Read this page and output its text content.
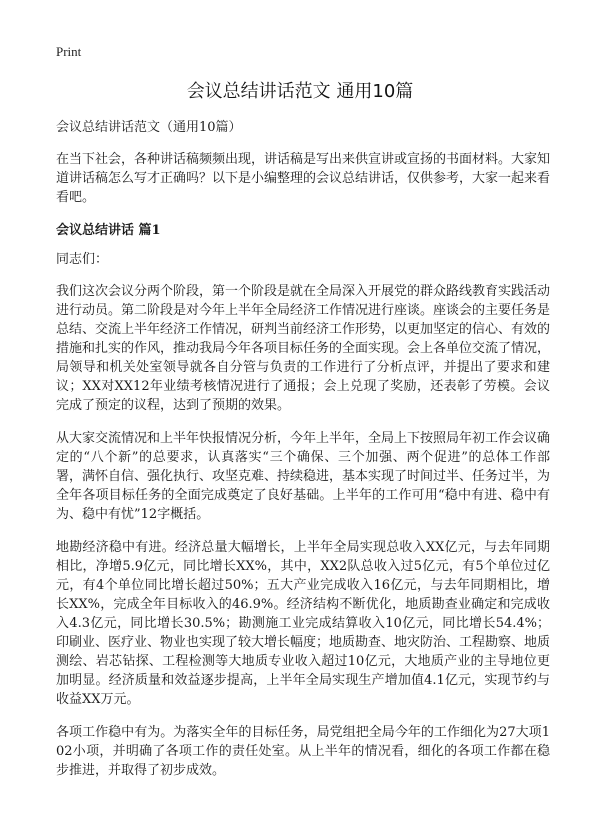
Print
会议总结讲话范文 通用10篇

会议总结讲话范文（通用10篇）

在当下社会，各种讲话稿频频出现，讲话稿是写出来供宣讲或宣扬的书面材料。大家知道讲话稿怎么写才正确吗？以下是小编整理的会议总结讲话，仅供参考，大家一起来看看吧。

会议总结讲话 篇1

同志们：

我们这次会议分两个阶段，第一个阶段是就在全局深入开展党的群众路线教育实践活动进行动员。第二阶段是对今年上半年全局经济工作情况进行座谈。座谈会的主要任务是总结、交流上半年经济工作情况，研判当前经济工作形势，以更加坚定的信心、有效的措施和扎实的作风，推动我局今年各项目标任务的全面实现。会上各单位交流了情况，局领导和机关处室领导就各自分管与负责的工作进行了分析点评，并提出了要求和建议；XX对XX12年业绩考核情况进行了通报；会上兑现了奖励，还表彰了劳模。会议完成了预定的议程，达到了预期的效果。

从大家交流情况和上半年快报情况分析，今年上半年，全局上下按照局年初工作会议确定的“八个新”的总要求，认真落实“三个确保、三个加强、两个促进”的总体工作部署，满怀自信、强化执行、攻坚克难、持续稳进，基本实现了时间过半、任务过半，为全年各项目标任务的全面完成奠定了良好基础。上半年的工作可用“稳中有进、稳中有为、稳中有忧”12字概括。

地勘经济稳中有进。经济总量大幅增长，上半年全局实现总收入XX亿元，与去年同期相比，净增5.9亿元，同比增长XX%，其中，XX2队总收入过5亿元，有5个单位过亿元，有4个单位同比增长超过50%；五大产业完成收入16亿元，与去年同期相比，增长XX%，完成全年目标收入的46.9%。经济结构不断优化，地质勘查业确定和完成收入4.3亿元，同比增长30.5%；勘测施工业完成结算收入10亿元，同比增长54.4%；印刷业、医疗业、物业也实现了较大增长幅度；地质勘查、地灾防治、工程勘察、地质测绘、岩芯钻探、工程检测等大地质专业收入超过10亿元，大地质产业的主导地位更加明显。经济质量和效益逐步提高，上半年全局实现生产增加值4.1亿元，实现节约与收益XX万元。

各项工作稳中有为。为落实全年的目标任务，局党组把全局今年的工作细化为27大项102小项，并明确了各项工作的责任处室。从上半年的情况看，细化的各项工作都在稳步推进，并取得了初步成效。
